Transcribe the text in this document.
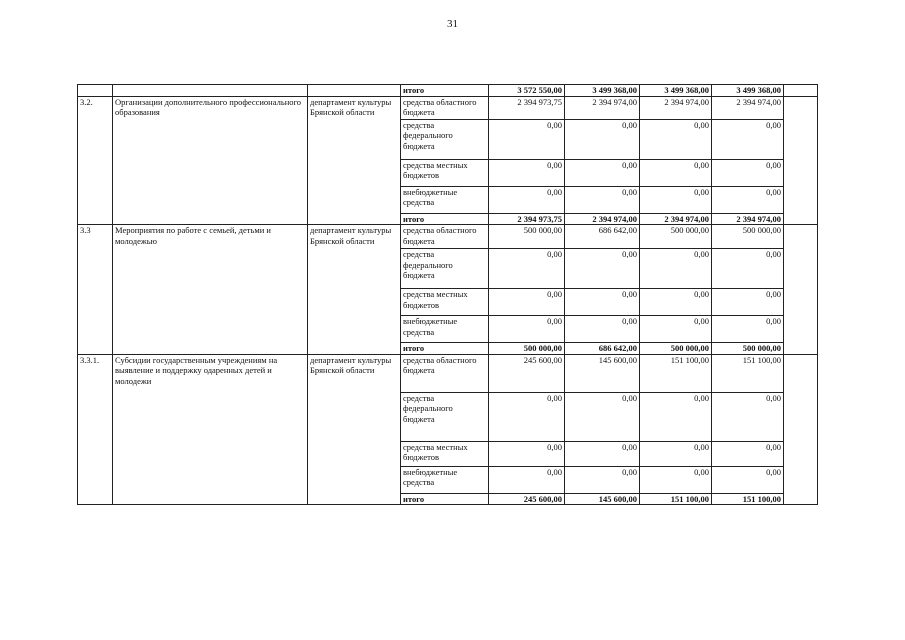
31
			итого	3 572 550,00	3 499 368,00	3 499 368,00	3 499 368,00	
3.2.	Организации дополнительного профессионального образования	департамент культуры Брянской области	средства областного бюджета	2 394 973,75	2 394 974,00	2 394 974,00	2 394 974,00	
			средства федерального бюджета	0,00	0,00	0,00	0,00	
			средства местных бюджетов	0,00	0,00	0,00	0,00	
			внебюджетные средства	0,00	0,00	0,00	0,00	
			итого	2 394 973,75	2 394 974,00	2 394 974,00	2 394 974,00	
3.3	Мероприятия по работе с семьей, детьми и молодежью	департамент культуры Брянской области	средства областного бюджета	500 000,00	686 642,00	500 000,00	500 000,00	
			средства федерального бюджета	0,00	0,00	0,00	0,00	
			средства местных бюджетов	0,00	0,00	0,00	0,00	
			внебюджетные средства	0,00	0,00	0,00	0,00	
			итого	500 000,00	686 642,00	500 000,00	500 000,00	
3.3.1.	Субсидии государственным учреждениям на выявление и поддержку одаренных детей и молодежи	департамент культуры Брянской области	средства областного бюджета	245 600,00	145 600,00	151 100,00	151 100,00	
			средства федерального бюджета	0,00	0,00	0,00	0,00	
			средства местных бюджетов	0,00	0,00	0,00	0,00	
			внебюджетные средства	0,00	0,00	0,00	0,00	
			итого	245 600,00	145 600,00	151 100,00	151 100,00	
